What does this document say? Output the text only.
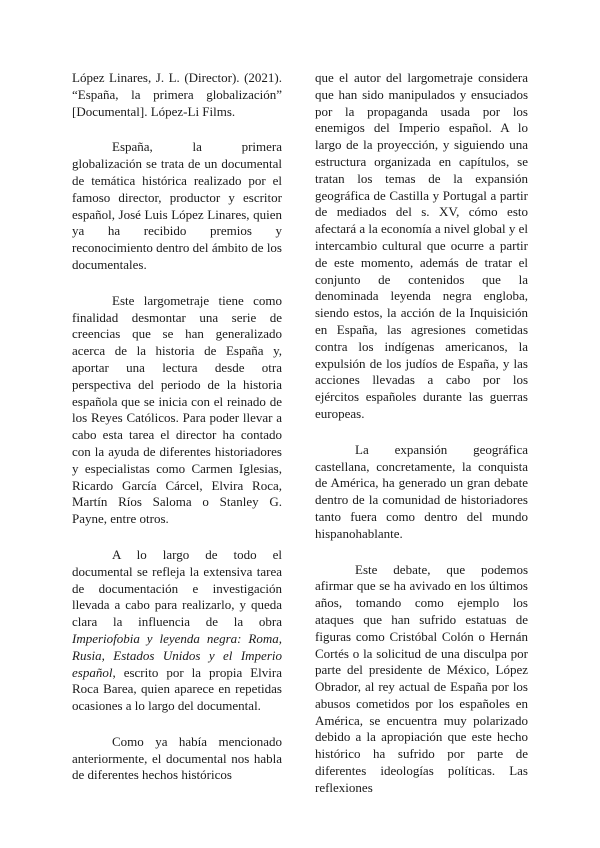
López Linares, J. L. (Director). (2021). “España, la primera globalización” [Documental]. López-Li Films.

España, la primera globalización se trata de un documental de temática histórica realizado por el famoso director, productor y escritor español, José Luis López Linares, quien ya ha recibido premios y reconocimiento dentro del ámbito de los documentales.

Este largometraje tiene como finalidad desmontar una serie de creencias que se han generalizado acerca de la historia de España y, aportar una lectura desde otra perspectiva del periodo de la historia española que se inicia con el reinado de los Reyes Católicos. Para poder llevar a cabo esta tarea el director ha contado con la ayuda de diferentes historiadores y especialistas como Carmen Iglesias, Ricardo García Cárcel, Elvira Roca, Martín Ríos Saloma o Stanley G. Payne, entre otros.

A lo largo de todo el documental se refleja la extensiva tarea de documentación e investigación llevada a cabo para realizarlo, y queda clara la influencia de la obra Imperiofobia y leyenda negra: Roma, Rusia, Estados Unidos y el Imperio español, escrito por la propia Elvira Roca Barea, quien aparece en repetidas ocasiones a lo largo del documental.

Como ya había mencionado anteriormente, el documental nos habla de diferentes hechos históricos

que el autor del largometraje considera que han sido manipulados y ensuciados por la propaganda usada por los enemigos del Imperio español. A lo largo de la proyección, y siguiendo una estructura organizada en capítulos, se tratan los temas de la expansión geográfica de Castilla y Portugal a partir de mediados del s. XV, cómo esto afectará a la economía a nivel global y el intercambio cultural que ocurre a partir de este momento, además de tratar el conjunto de contenidos que la denominada leyenda negra engloba, siendo estos, la acción de la Inquisición en España, las agresiones cometidas contra los indígenas americanos, la expulsión de los judíos de España, y las acciones llevadas a cabo por los ejércitos españoles durante las guerras europeas.

La expansión geográfica castellana, concretamente, la conquista de América, ha generado un gran debate dentro de la comunidad de historiadores tanto fuera como dentro del mundo hispanohablante.

Este debate, que podemos afirmar que se ha avivado en los últimos años, tomando como ejemplo los ataques que han sufrido estatuas de figuras como Cristóbal Colón o Hernán Cortés o la solicitud de una disculpa por parte del presidente de México, López Obrador, al rey actual de España por los abusos cometidos por los españoles en América, se encuentra muy polarizado debido a la apropiación que este hecho histórico ha sufrido por parte de diferentes ideologías políticas. Las reflexiones
